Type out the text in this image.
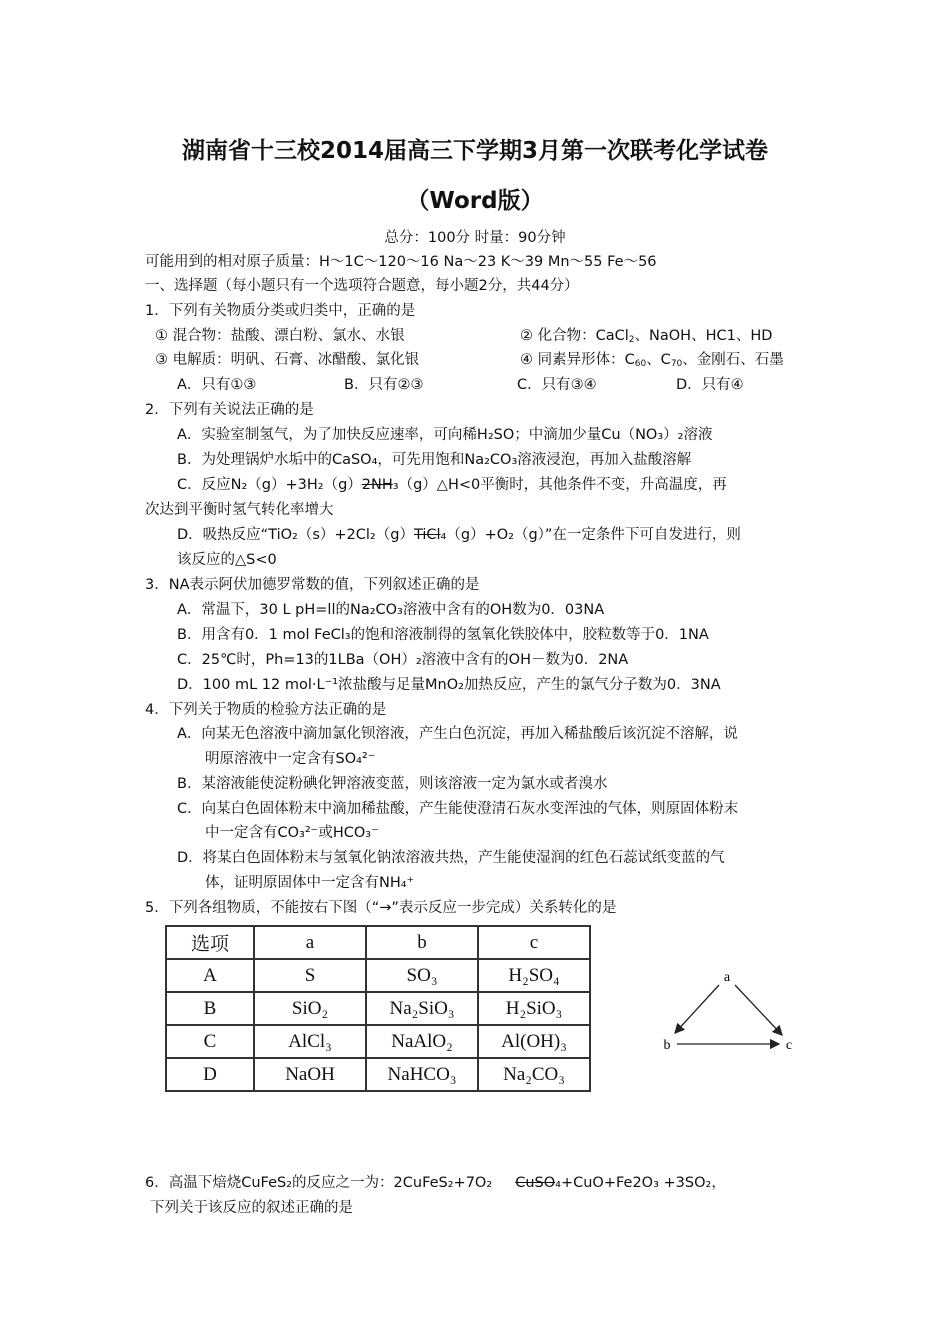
湖南省十三校2014届高三下学期3月第一次联考化学试卷
（Word版）
总分：100分 时量：90分钟
可能用到的相对原子质量：H～1C～120～16 Na～23 K～39 Mn～55 Fe～56
一、选择题（每小题只有一个选项符合题意，每小题2分，共44分）
1．下列有关物质分类或归类中，正确的是
① 混合物：盐酸、漂白粉、氯水、水银	② 化合物：CaCl$_2$、NaOH、HC1、HD
③ 电解质：明矾、石膏、冰醋酸、氯化银	④ 同素异形体：$C_{60}$、$C_{70}$、金刚石、石墨
A．只有①③	B．只有②③	C．只有③④	D．只有④
2．下列有关说法正确的是
A．实验室制氢气，为了加快反应速率，可向稀H₂SO；中滴加少量Cu（NO₃）₂溶液
B．为处理锅炉水垢中的CaSO₄，可先用饱和Na₂CO₃溶液浸泡，再加入盐酸溶解
C．反应N₂（g）+3H₂（g）2NH₃（g）△H<0平衡时，其他条件不变，升高温度，再
次达到平衡时氢气转化率增大
D．吸热反应“TiO₂（s）+2Cl₂（g）TiCl₄（g）+O₂（g）”在一定条件下可自发进行，则
该反应的△S<0
3．NA表示阿伏加德罗常数的值，下列叙述正确的是
A．常温下，30 L pH=ll的Na₂CO₃溶液中含有的OH数为0．03NA
B．用含有0．1 mol FeCl₃的饱和溶液制得的氢氧化铁胶体中，胶粒数等于0．1NA
C．25℃时，Ph=13的1LBa（OH）₂溶液中含有的OH－数为0．2NA
D．100 mL 12 mol·L⁻¹浓盐酸与足量MnO₂加热反应，产生的氯气分子数为0．3NA
4．下列关于物质的检验方法正确的是
A．向某无色溶液中滴加氯化钡溶液，产生白色沉淀，再加入稀盐酸后该沉淀不溶解，说
明原溶液中一定含有SO₄²⁻
B．某溶液能使淀粉碘化钾溶液变蓝，则该溶液一定为氯水或者溴水
C．向某白色固体粉末中滴加稀盐酸，产生能使澄清石灰水变浑浊的气体，则原固体粉末
中一定含有CO₃²⁻或HCO₃⁻
D．将某白色固体粉末与氢氧化钠浓溶液共热，产生能使湿润的红色石蕊试纸变蓝的气
体，证明原固体中一定含有NH₄⁺
5．下列各组物质，不能按右下图（“→”表示反应一步完成）关系转化的是
选项	a	b	c
A	S	SO₃	H₂SO₄
B	SiO₂	Na₂SiO₃	H₂SiO₃
C	AlCl₃	NaAlO₂	Al(OH)₃
D	NaOH	NaHCO₃	Na₂CO₃
a
b	c
6．高温下焙烧CuFeS₂的反应之一为：2CuFeS₂+7O₂ CuSO₄+CuO+Fe2O₃ +3SO₂，
下列关于该反应的叙述正确的是
